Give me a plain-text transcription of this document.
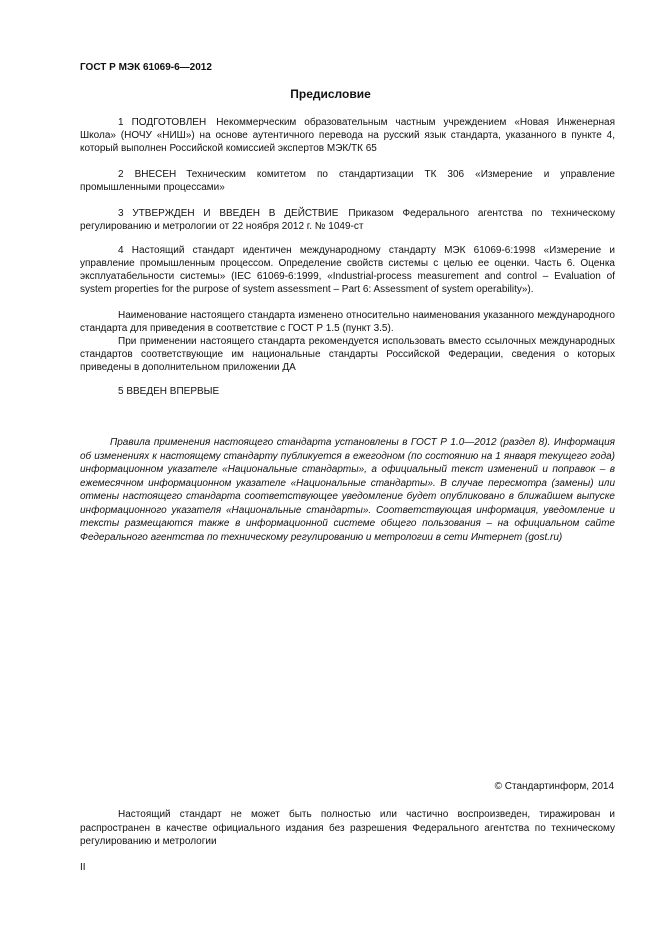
ГОСТ Р МЭК 61069-6—2012
Предисловие
1 ПОДГОТОВЛЕН Некоммерческим образовательным частным учреждением «Новая Инженерная Школа» (НОЧУ «НИШ») на основе аутентичного перевода на русский язык стандарта, указанного в пункте 4, который выполнен Российской комиссией экспертов МЭК/ТК 65
2 ВНЕСЕН Техническим комитетом по стандартизации ТК 306 «Измерение и управление промышленными процессами»
3 УТВЕРЖДЕН И ВВЕДЕН В ДЕЙСТВИЕ Приказом Федерального агентства по техническому регулированию и метрологии от 22 ноября 2012 г. № 1049-ст
4 Настоящий стандарт идентичен международному стандарту МЭК 61069-6:1998 «Измерение и управление промышленным процессом. Определение свойств системы с целью ее оценки. Часть 6. Оценка эксплуатабельности системы» (IEC 61069-6:1999, «Industrial-process measurement and control – Evaluation of system properties for the purpose of system assessment – Part 6: Assessment of system operability»).
Наименование настоящего стандарта изменено относительно наименования указанного международного стандарта для приведения в соответствие с ГОСТ Р 1.5 (пункт 3.5).
При применении настоящего стандарта рекомендуется использовать вместо ссылочных международных стандартов соответствующие им национальные стандарты Российской Федерации, сведения о которых приведены в дополнительном приложении ДА
5 ВВЕДЕН ВПЕРВЫЕ
Правила применения настоящего стандарта установлены в ГОСТ Р 1.0—2012 (раздел 8). Информация об изменениях к настоящему стандарту публикуется в ежегодном (по состоянию на 1 января текущего года) информационном указателе «Национальные стандарты», а официальный текст изменений и поправок – в ежемесячном информационном указателе «Национальные стандарты». В случае пересмотра (замены) или отмены настоящего стандарта соответствующее уведомление будет опубликовано в ближайшем выпуске информационного указателя «Национальные стандарты». Соответствующая информация, уведомление и тексты размещаются также в информационной системе общего пользования – на официальном сайте Федерального агентства по техническому регулированию и метрологии в сети Интернет (gost.ru)
© Стандартинформ, 2014
Настоящий стандарт не может быть полностью или частично воспроизведен, тиражирован и распространен в качестве официального издания без разрешения Федерального агентства по техническому регулированию и метрологии
II
